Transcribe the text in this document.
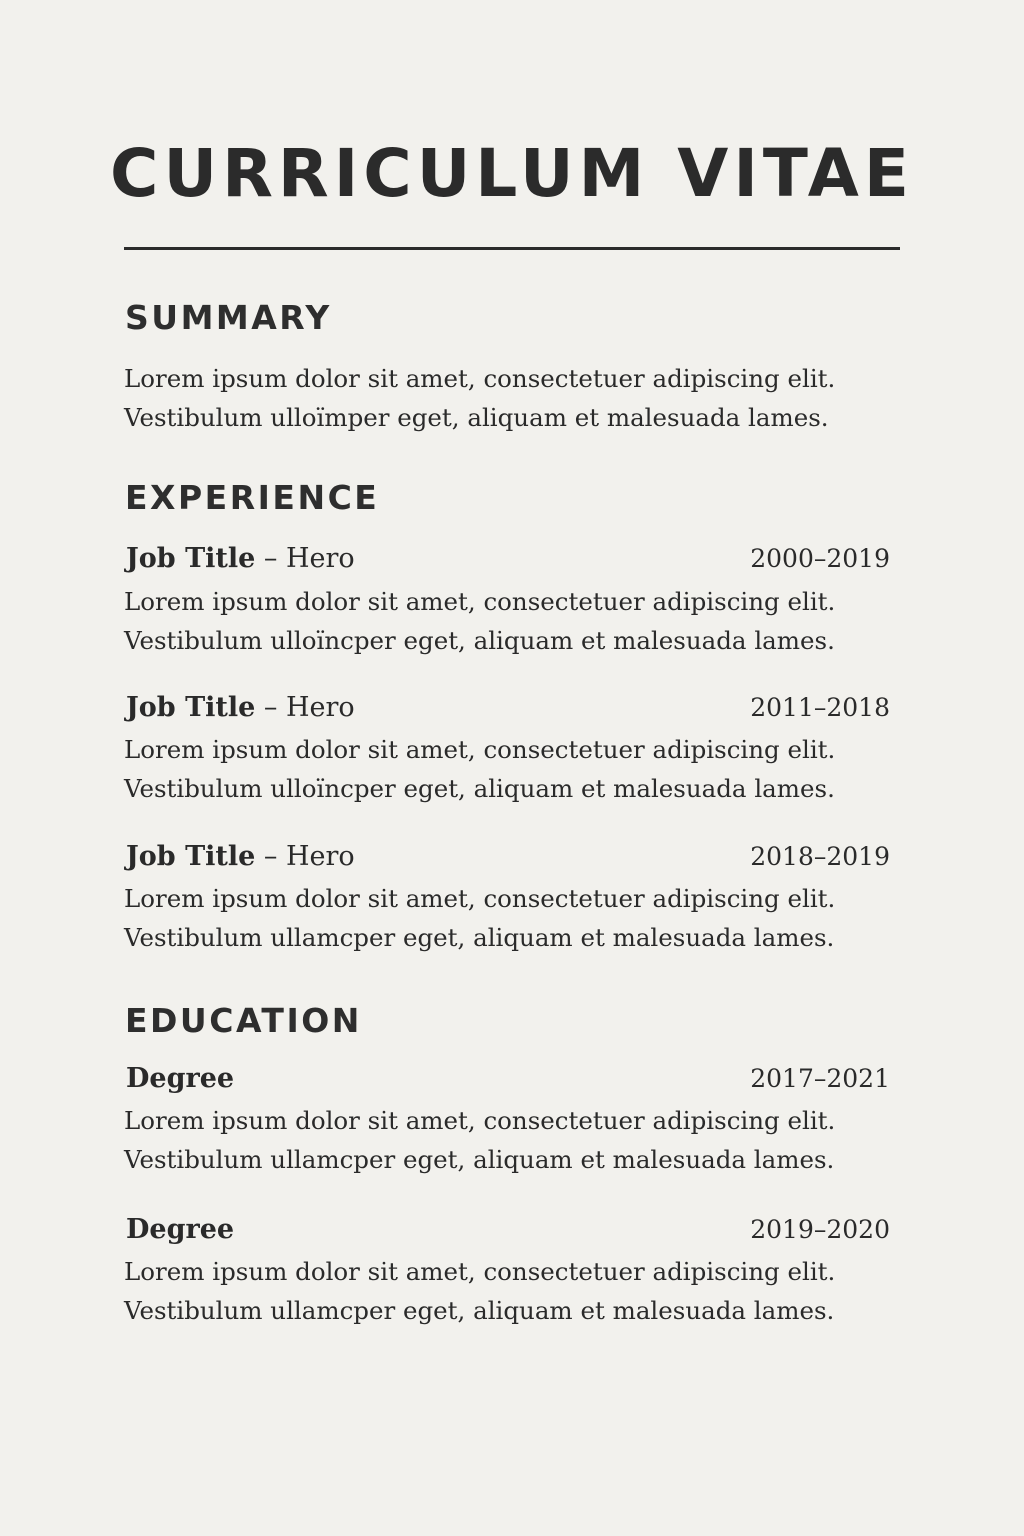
CURRICULUM VITAE
SUMMARY

Lorem ipsum dolor sit amet, consectetuer adipiscing elit.
Vestibulum ulloïmper eget, aliquam et malesuada lames.

EXPERIENCE
Job Title – Hero	2000–2019

Lorem ipsum dolor sit amet, consectetuer adipiscing elit.
Vestibulum ulloïncper eget, aliquam et malesuada lames.

Job Title – Hero	2011–2018

Lorem ipsum dolor sit amet, consectetuer adipiscing elit.
Vestibulum ulloïncper eget, aliquam et malesuada lames.

Job Title – Hero	2018–2019

Lorem ipsum dolor sit amet, consectetuer adipiscing elit.
Vestibulum ullamcper eget, aliquam et malesuada lames.

EDUCATION
Degree	2017–2021

Lorem ipsum dolor sit amet, consectetuer adipiscing elit.
Vestibulum ullamcper eget, aliquam et malesuada lames.

Degree	2019–2020

Lorem ipsum dolor sit amet, consectetuer adipiscing elit.
Vestibulum ullamcper eget, aliquam et malesuada lames.
